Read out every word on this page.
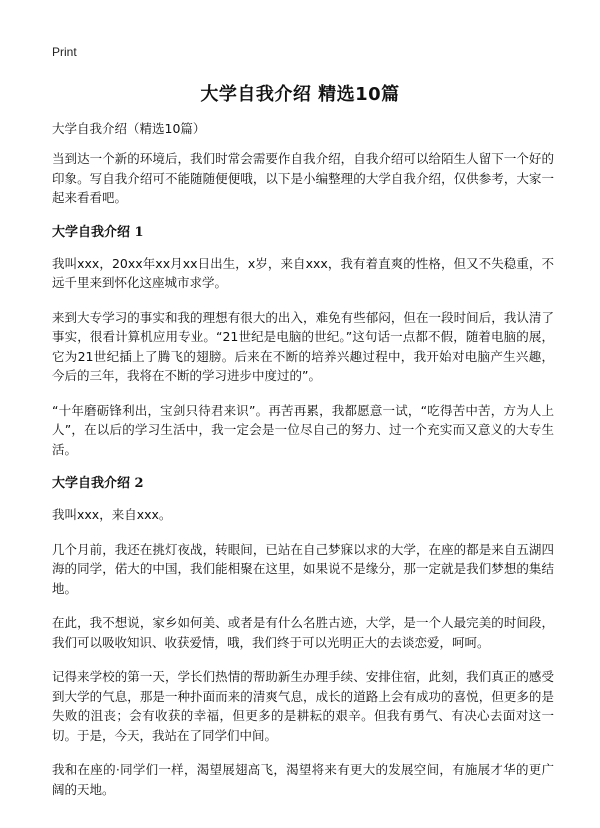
Print
大学自我介绍 精选10篇
大学自我介绍（精选10篇）

当到达一个新的环境后，我们时常会需要作自我介绍，自我介绍可以给陌生人留下一个好的印象。写自我介绍可不能随随便便哦，以下是小编整理的大学自我介绍，仅供参考，大家一起来看看吧。

大学自我介绍 1

我叫xxx，20xx年xx月xx日出生，x岁，来自xxx，我有着直爽的性格，但又不失稳重，不远千里来到怀化这座城市求学。

来到大专学习的事实和我的理想有很大的出入，难免有些郁闷，但在一段时间后，我认清了事实，很看计算机应用专业。“21世纪是电脑的世纪。”这句话一点都不假，随着电脑的展，它为21世纪插上了腾飞的翅膀。后来在不断的培养兴趣过程中，我开始对电脑产生兴趣，今后的三年，我将在不断的学习进步中度过的”。

“十年磨砺锋利出，宝剑只待君来识”。再苦再累，我都愿意一试，“吃得苦中苦，方为人上人”，在以后的学习生活中，我一定会是一位尽自己的努力、过一个充实而又意义的大专生活。

大学自我介绍 2

我叫xxx，来自xxx。

几个月前，我还在挑灯夜战，转眼间，已站在自己梦寐以求的大学，在座的都是来自五湖四海的同学，偌大的中国，我们能相聚在这里，如果说不是缘分，那一定就是我们梦想的集结地。

在此，我不想说，家乡如何美、或者是有什么名胜古迹，大学，是一个人最完美的时间段，我们可以吸收知识、收获爱情，哦，我们终于可以光明正大的去谈恋爱，呵呵。

记得来学校的第一天，学长们热情的帮助新生办理手续、安排住宿，此刻，我们真正的感受到大学的气息，那是一种扑面而来的清爽气息，成长的道路上会有成功的喜悦，但更多的是失败的沮丧；会有收获的幸福，但更多的是耕耘的艰辛。但我有勇气、有决心去面对这一切。于是，今天，我站在了同学们中间。

我和在座的·同学们一样，渴望展翅高飞，渴望将来有更大的发展空间，有施展才华的更广阔的天地。
